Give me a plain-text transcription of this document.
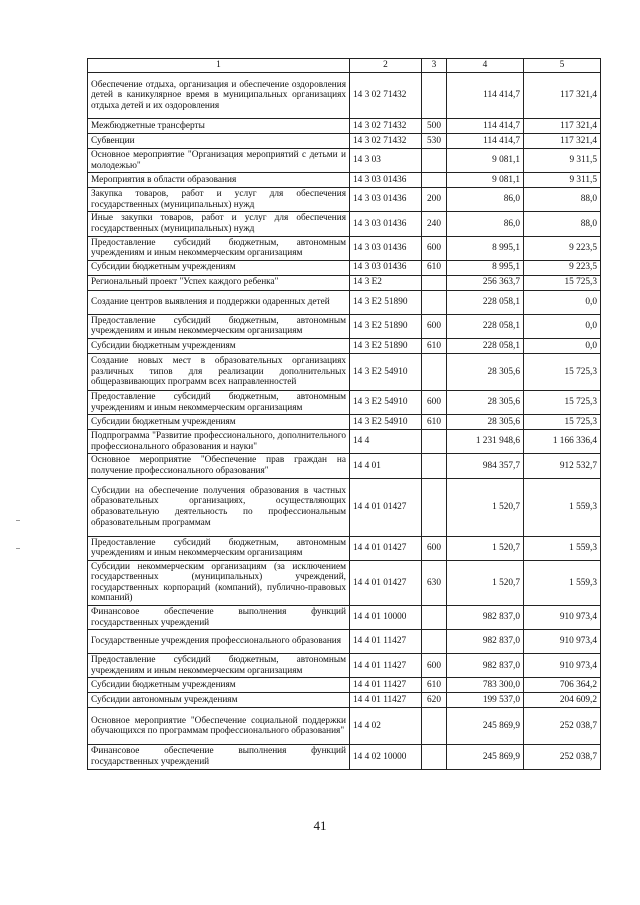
1	2	3	4	5
Обеспечение отдыха, организация и обеспечение оздоровления детей в каникулярное время в муниципальных организациях отдыха детей и их оздоровления	14 3 02 71432		114 414,7	117 321,4
Межбюджетные трансферты	14 3 02 71432	500	114 414,7	117 321,4
Субвенции	14 3 02 71432	530	114 414,7	117 321,4
Основное мероприятие "Организация мероприятий с детьми и молодежью"	14 3 03		9 081,1	9 311,5
Мероприятия в области образования	14 3 03 01436		9 081,1	9 311,5
Закупка товаров, работ и услуг для обеспечения государственных (муниципальных) нужд	14 3 03 01436	200	86,0	88,0
Иные закупки товаров, работ и услуг для обеспечения государственных (муниципальных) нужд	14 3 03 01436	240	86,0	88,0
Предоставление субсидий бюджетным, автономным учреждениям и иным некоммерческим организациям	14 3 03 01436	600	8 995,1	9 223,5
Субсидии бюджетным учреждениям	14 3 03 01436	610	8 995,1	9 223,5
Региональный проект "Успех каждого ребенка"	14 3 E2		256 363,7	15 725,3
Создание центров выявления и поддержки одаренных детей	14 3 E2 51890		228 058,1	0,0
Предоставление субсидий бюджетным, автономным учреждениям и иным некоммерческим организациям	14 3 E2 51890	600	228 058,1	0,0
Субсидии бюджетным учреждениям	14 3 E2 51890	610	228 058,1	0,0
Создание новых мест в образовательных организациях различных типов для реализации дополнительных общеразвивающих программ всех направленностей	14 3 E2 54910		28 305,6	15 725,3
Предоставление субсидий бюджетным, автономным учреждениям и иным некоммерческим организациям	14 3 E2 54910	600	28 305,6	15 725,3
Субсидии бюджетным учреждениям	14 3 E2 54910	610	28 305,6	15 725,3
Подпрограмма "Развитие профессионального, дополнительного профессионального образования и науки"	14 4		1 231 948,6	1 166 336,4
Основное мероприятие "Обеспечение прав граждан на получение профессионального образования"	14 4 01		984 357,7	912 532,7
Субсидии на обеспечение получения образования в частных образовательных организациях, осуществляющих образовательную деятельность по профессиональным образовательным программам	14 4 01 01427		1 520,7	1 559,3
Предоставление субсидий бюджетным, автономным учреждениям и иным некоммерческим организациям	14 4 01 01427	600	1 520,7	1 559,3
Субсидии некоммерческим организациям (за исключением государственных (муниципальных) учреждений, государственных корпораций (компаний), публично-правовых компаний)	14 4 01 01427	630	1 520,7	1 559,3
Финансовое обеспечение выполнения функций государственных учреждений	14 4 01 10000		982 837,0	910 973,4
Государственные учреждения профессионального образования	14 4 01 11427		982 837,0	910 973,4
Предоставление субсидий бюджетным, автономным учреждениям и иным некоммерческим организациям	14 4 01 11427	600	982 837,0	910 973,4
Субсидии бюджетным учреждениям	14 4 01 11427	610	783 300,0	706 364,2
Субсидии автономным учреждениям	14 4 01 11427	620	199 537,0	204 609,2
Основное мероприятие "Обеспечение социальной поддержки обучающихся по программам профессионального образования"	14 4 02		245 869,9	252 038,7
Финансовое обеспечение выполнения функций государственных учреждений	14 4 02 10000		245 869,9	252 038,7
41
